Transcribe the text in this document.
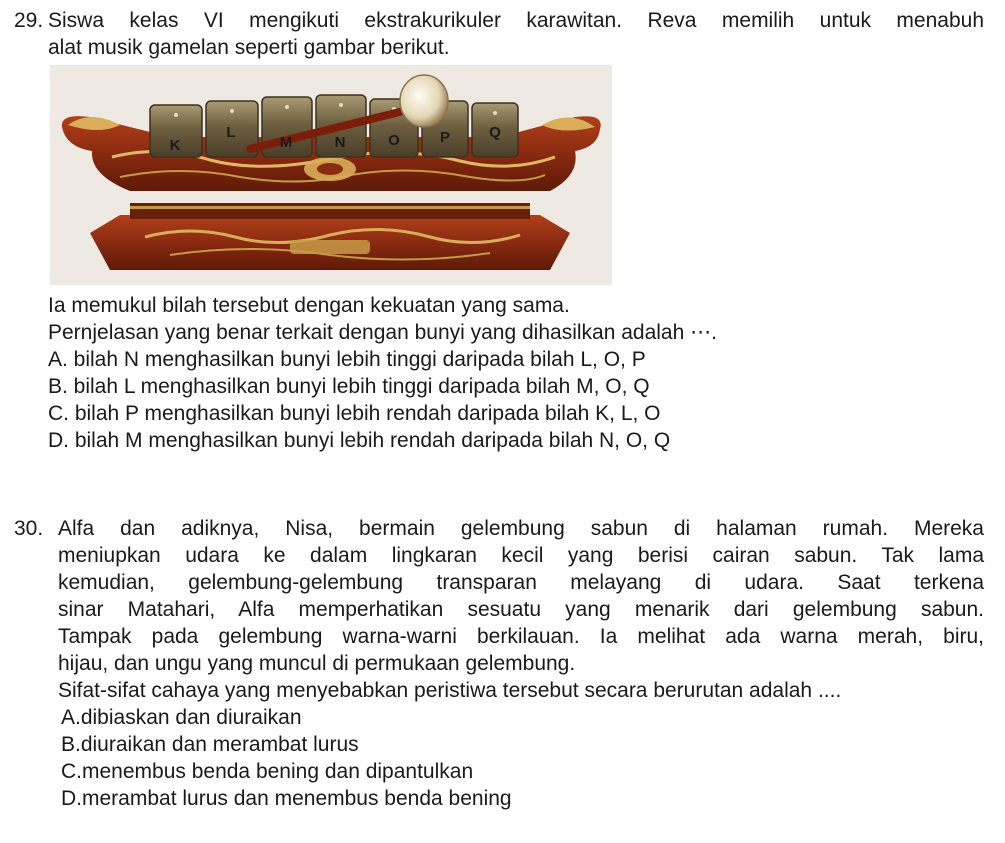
29. Siswa kelas VI mengikuti ekstrakurikuler karawitan. Reva memilih untuk menabuh

alat musik gamelan seperti gambar berikut.

K
L
M	N	O	P	Q

Ia memukul bilah tersebut dengan kekuatan yang sama.

Pernjelasan yang benar terkait dengan bunyi yang dihasilkan adalah ⋯.

A. bilah N menghasilkan bunyi lebih tinggi daripada bilah L, O, P

B. bilah L menghasilkan bunyi lebih tinggi daripada bilah M, O, Q

C. bilah P menghasilkan bunyi lebih rendah daripada bilah K, L, O

D. bilah M menghasilkan bunyi lebih rendah daripada bilah N, O, Q

30. Alfa dan adiknya, Nisa, bermain gelembung sabun di halaman rumah. Mereka

meniupkan udara ke dalam lingkaran kecil yang berisi cairan sabun. Tak lama

kemudian, gelembung-gelembung transparan melayang di udara. Saat terkena

sinar Matahari, Alfa memperhatikan sesuatu yang menarik dari gelembung sabun.

Tampak pada gelembung warna-warni berkilauan. Ia melihat ada warna merah, biru,

hijau, dan ungu yang muncul di permukaan gelembung.

Sifat-sifat cahaya yang menyebabkan peristiwa tersebut secara berurutan adalah ....

A.dibiaskan dan diuraikan

B.diuraikan dan merambat lurus

C.menembus benda bening dan dipantulkan

D.merambat lurus dan menembus benda bening
